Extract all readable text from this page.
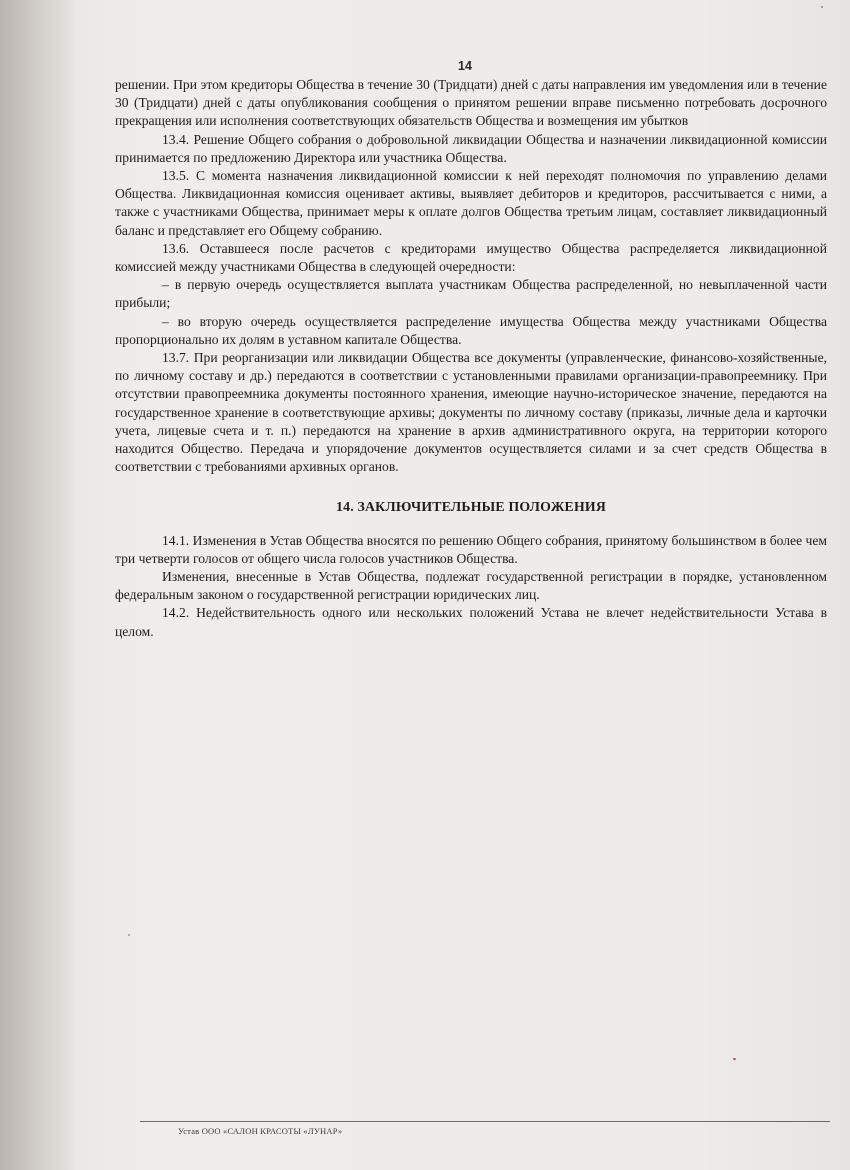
14

решении. При этом кредиторы Общества в течение 30 (Тридцати) дней с даты направления им уведомления или в течение 30 (Тридцати) дней с даты опубликования сообщения о принятом решении вправе письменно потребовать досрочного прекращения или исполнения соответствующих обязательств Общества и возмещения им убытков

13.4. Решение Общего собрания о добровольной ликвидации Общества и назначении ликвидационной комиссии принимается по предложению Директора или участника Общества.

13.5. С момента назначения ликвидационной комиссии к ней переходят полномочия по управлению делами Общества. Ликвидационная комиссия оценивает активы, выявляет дебиторов и кредиторов, рассчитывается с ними, а также с участниками Общества, принимает меры к оплате долгов Общества третьим лицам, составляет ликвидационный баланс и представляет его Общему собранию.

13.6. Оставшееся после расчетов с кредиторами имущество Общества распределяется ликвидационной комиссией между участниками Общества в следующей очередности:

– в первую очередь осуществляется выплата участникам Общества распределенной, но невыплаченной части прибыли;

– во вторую очередь осуществляется распределение имущества Общества между участниками Общества пропорционально их долям в уставном капитале Общества.

13.7. При реорганизации или ликвидации Общества все документы (управленческие, финансово-хозяйственные, по личному составу и др.) передаются в соответствии с установленными правилами организации-правопреемнику. При отсутствии правопреемника документы постоянного хранения, имеющие научно-историческое значение, передаются на государственное хранение в соответствующие архивы; документы по личному составу (приказы, личные дела и карточки учета, лицевые счета и т. п.) передаются на хранение в архив административного округа, на территории которого находится Общество. Передача и упорядочение документов осуществляется силами и за счет средств Общества в соответствии с требованиями архивных органов.

14. ЗАКЛЮЧИТЕЛЬНЫЕ ПОЛОЖЕНИЯ

14.1. Изменения в Устав Общества вносятся по решению Общего собрания, принятому большинством в более чем три четверти голосов от общего числа голосов участников Общества.

Изменения, внесенные в Устав Общества, подлежат государственной регистрации в порядке, установленном федеральным законом о государственной регистрации юридических лиц.

14.2. Недействительность одного или нескольких положений Устава не влечет недействительности Устава в целом.

Устав ООО «САЛОН КРАСОТЫ «ЛУНАР»
